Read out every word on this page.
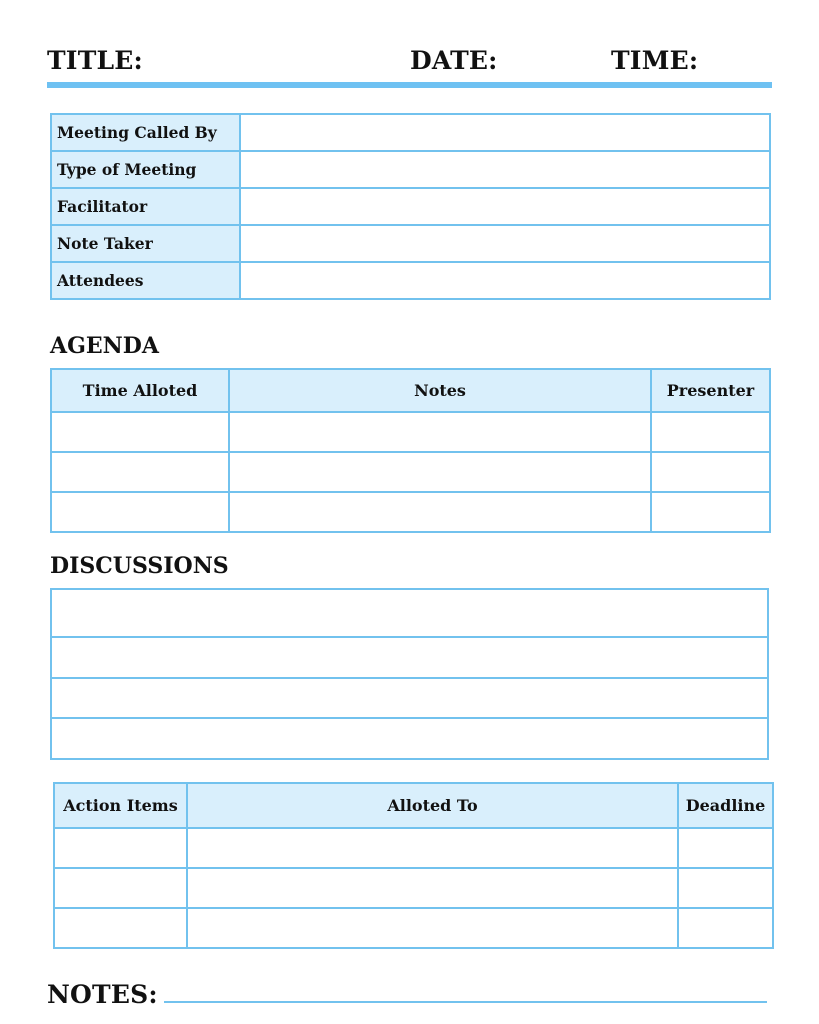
TITLE:	DATE:	TIME:
Meeting Called By	
Type of Meeting	
Facilitator	
Note Taker	
Attendees	
AGENDA
Time Alloted	Notes	Presenter

DISCUSSIONS

Action Items	Alloted To	Deadline

NOTES:
